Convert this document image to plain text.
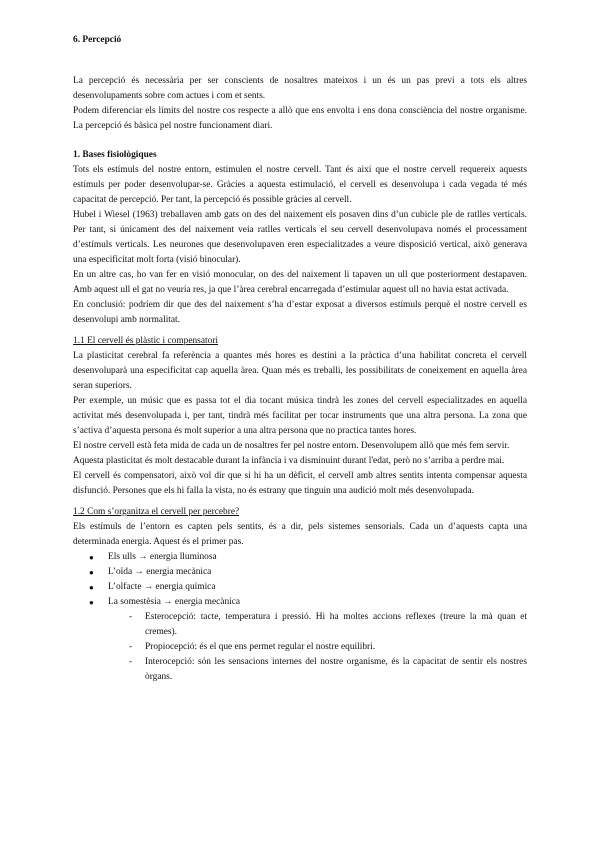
6. Percepció

La percepció és necessària per ser conscients de nosaltres mateixos i un és un pas previ a tots els altres desenvolupaments sobre com actues i com et sents.

Podem diferenciar els límits del nostre cos respecte a allò que ens envolta i ens dona consciència del nostre organisme. La percepció és bàsica pel nostre funcionament diari.

1. Bases fisiològiques

Tots els estímuls del nostre entorn, estimulen el nostre cervell. Tant és així que el nostre cervell requereix aquests estímuls per poder desenvolupar-se. Gràcies a aquesta estimulació, el cervell es desenvolupa i cada vegada té més capacitat de percepció. Per tant, la percepció és possible gràcies al cervell.

Hubel i Wiesel (1963) treballaven amb gats on des del naixement els posaven dins d’un cubicle ple de ratlles verticals. Per tant, si únicament des del naixement veia ratlles verticals el seu cervell desenvolupava només el processament d’estímuls verticals. Les neurones que desenvolupaven eren especialitzades a veure disposició vertical, això generava una especificitat molt forta (visió binocular).

En un altre cas, ho van fer en visió monocular, on des del naixement li tapaven un ull que posteriorment destapaven. Amb aquest ull el gat no veuria res, ja que l’àrea cerebral encarregada d’estimular aquest ull no havia estat activada.

En conclusió: podríem dir que des del naixement s’ha d’estar exposat a diversos estímuls perquè el nostre cervell es desenvolupi amb normalitat.

1.1 El cervell és plàstic i compensatori

La plasticitat cerebral fa referència a quantes més hores es destini a la pràctica d’una habilitat concreta el cervell desenvoluparà una especificitat cap aquella àrea. Quan més es treballi, les possibilitats de coneixement en aquella àrea seran superiors.

Per exemple, un músic que es passa tot el dia tocant música tindrà les zones del cervell especialitzades en aquella activitat més desenvolupada i, per tant, tindrà més facilitat per tocar instruments que una altra persona. La zona que s’activa d’aquesta persona és molt superior a una altra persona que no practica tantes hores.

El nostre cervell està feta mida de cada un de nosaltres fer pel nostre entorn. Desenvolupem allò que més fem servir.

Aquesta plasticitat és molt destacable durant la infància i va disminuint durant l'edat, però no s’arriba a perdre mai.

El cervell és compensatori, això vol dir que si hi ha un dèficit, el cervell amb altres sentits intenta compensar aquesta disfunció. Persones que els hi falla la vista, no és estrany que tinguin una audició molt més desenvolupada.

1.2 Com s’organitza el cervell per percebre?

Els estímuls de l’entorn es capten pels sentits, és a dir, pels sistemes sensorials. Cada un d’aquests capta una determinada energia. Aquest és el primer pas.

● Els ulls → energia lluminosa
● L’oïda → energia mecànica
● L’olfacte → energia química
● La somestèsia → energia mecànica
- Esterocepció: tacte, temperatura i pressió. Hi ha moltes accions reflexes (treure la mà quan et cremes).
- Propiocepció: és el que ens permet regular el nostre equilibri.
- Interocepció: són les sensacions internes del nostre organisme, és la capacitat de sentir els nostres òrgans.
